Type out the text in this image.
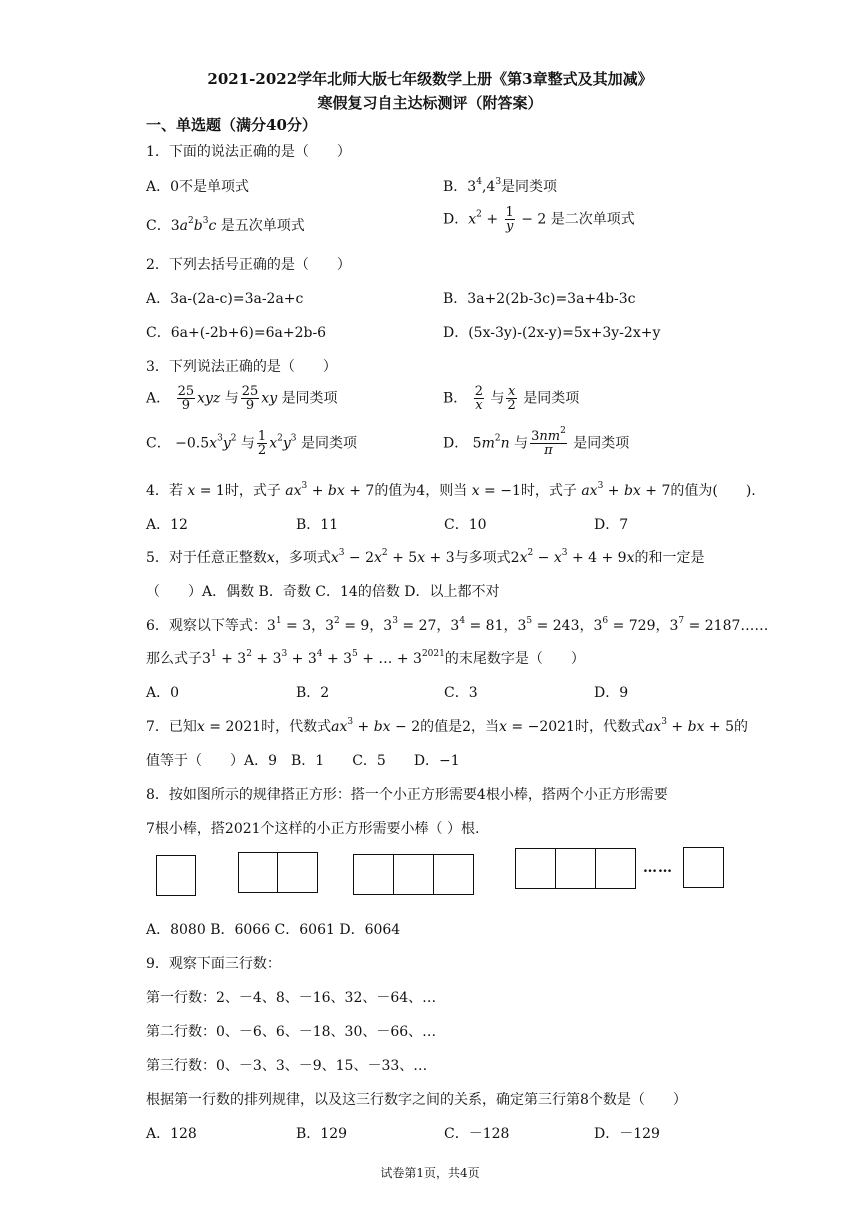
2021-2022学年北师大版七年级数学上册《第3章整式及其加减》
寒假复习自主达标测评（附答案）
一、单选题（满分40分）
1．下面的说法正确的是（　　）
A．0不是单项式	B．$3^4,4^3$是同类项
C．$3a^2b^3c$ 是五次单项式	D．$x^2 + \frac{1}{y} - 2$ 是二次单项式
2．下列去括号正确的是（　　）
A．3a-(2a-c)=3a-2a+c	B．3a+2(2b-3c)=3a+4b-3c
C．6a+(-2b+6)=6a+2b-6	D．(5x-3y)-(2x-y)=5x+3y-2x+y
3．下列说法正确的是（　　）
A． $\frac{25}{9}$ xyz 与 $\frac{25}{9}$ xy 是同类项	B． $\frac{2}{x}$ 与 $\frac{x}{2}$ 是同类项
C． $-0.5x^3y^2$ 与 $\frac{1}{2} x^2y^3$ 是同类项	D． $5m^2n$ 与 $\frac{3nm^2}{\pi}$ 是同类项
4．若 x = 1时，式子 $ax^3$ + bx + 7的值为4，则当 x = −1时，式子 $ax^3$ + bx + 7的值为(　　).
A．12	B．11	C．10	D．7
5．对于任意正整数x，多项式$x^3 - 2x^2 + 5x + 3$与多项式$2x^2 - x^3 + 4 + 9x$的和一定是
（　　）A．偶数 B．奇数 C．14的倍数 D．以上都不对
6．观察以下等式：$3^1 = 3$，$3^2 = 9$，$3^3 = 27$，$3^4 = 81$，$3^5 = 243$，$3^6 = 729$，$3^7$ = 2187……
那么式子$3^1 + 3^2 + 3^3 + 3^4 + 3^5$ + … + $3^{2021}$的末尾数字是（　　）
A．0	B．2	C．3	D．9
7．已知x = 2021时，代数式$ax^3$ + bx − 2的值是2，当x = −2021时，代数式$ax^3$ + bx + 5的
值等于（　　）A．9　B．1　　C．5　　D．−1
8．按如图所示的规律搭正方形：搭一个小正方形需要4根小棒，搭两个小正方形需要
7根小棒，搭2021个这样的小正方形需要小棒（ ）根.
……
A．8080 B．6066 C．6061 D．6064
9．观察下面三行数：
第一行数：2、－4、8、－16、32、－64、…
第二行数：0、－6、6、－18、30、－66、…
第三行数：0、－3、3、－9、15、－33、…
根据第一行数的排列规律，以及这三行数字之间的关系，确定第三行第8个数是（　　）
A．128	B．129	C．－128	D．－129
试卷第1页，共4页
